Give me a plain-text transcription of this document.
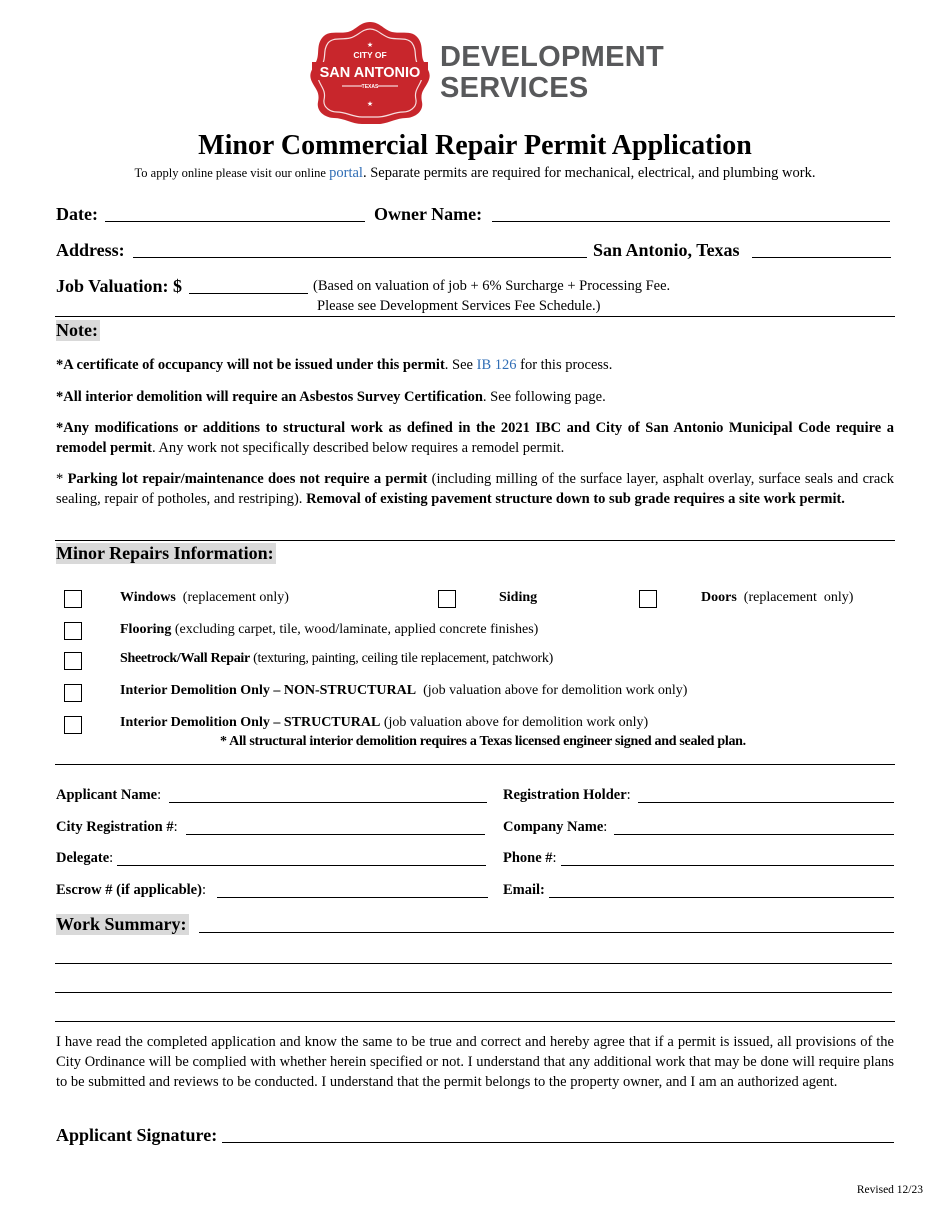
★
★
CITY OF
SAN ANTONIO
TEXAS
DEVELOPMENT
SERVICES
Minor Commercial Repair Permit Application
To apply online please visit our online portal. Separate permits are required for mechanical, electrical, and plumbing work.
Date:	Owner Name:
Address:	San Antonio, Texas
Job Valuation: $	(Based on valuation of job + 6% Surcharge + Processing Fee.
Please see Development Services Fee Schedule.)
Note:
*A certificate of occupancy will not be issued under this permit. See IB 126 for this process.
*All interior demolition will require an Asbestos Survey Certification. See following page.
*Any modifications or additions to structural work as defined in the 2021 IBC and City of San Antonio Municipal Code require a remodel permit. Any work not specifically described below requires a remodel permit.
* Parking lot repair/maintenance does not require a permit (including milling of the surface layer, asphalt overlay, surface seals and crack sealing, repair of potholes, and restriping). Removal of existing pavement structure down to sub grade requires a site work permit.
Minor Repairs Information:
Windows  (replacement only)	Siding	Doors  (replacement  only)
Flooring (excluding carpet, tile, wood/laminate, applied concrete finishes)
Sheetrock/Wall Repair (texturing, painting, ceiling tile replacement, patchwork)
Interior Demolition Only – NON-STRUCTURAL  (job valuation above for demolition work only)
Interior Demolition Only – STRUCTURAL (job valuation above for demolition work only)
* All structural interior demolition requires a Texas licensed engineer signed and sealed plan.
Applicant Name:	Registration Holder:
City Registration #:	Company Name:
Delegate:	Phone #:
Escrow # (if applicable):	Email:
Work Summary:
I have read the completed application and know the same to be true and correct and hereby agree that if a permit is issued, all provisions of the City Ordinance will be complied with whether herein specified or not. I understand that any additional work that may be done will require plans to be submitted and reviews to be conducted. I understand that the permit belongs to the property owner, and I am an authorized agent.
Applicant Signature:
Revised 12/23
